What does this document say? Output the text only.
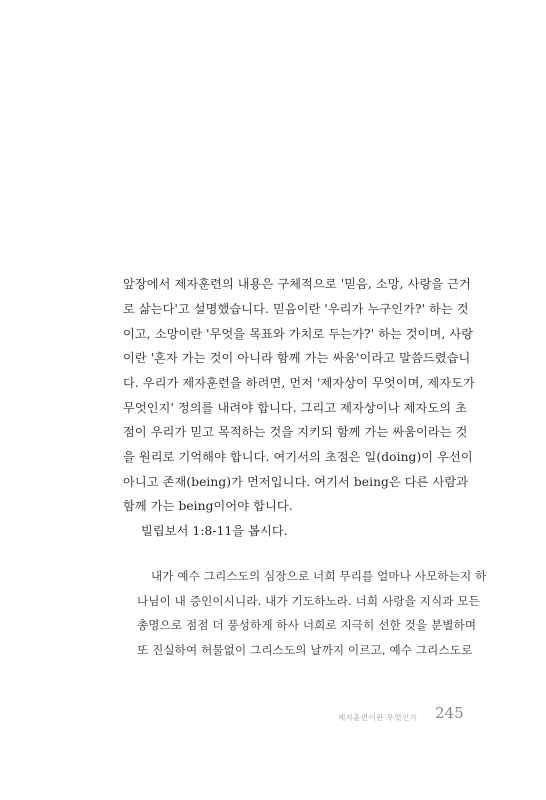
앞장에서 제자훈련의 내용은 구체적으로 '믿음, 소망, 사랑을 근거
로 삶는다'고 설명했습니다. 믿음이란 '우리가 누구인가?' 하는 것
이고, 소망이란 '무엇을 목표와 가치로 두는가?' 하는 것이며, 사랑
이란 '혼자 가는 것이 아니라 함께 가는 싸움'이라고 말씀드렸습니
다. 우리가 제자훈련을 하려면, 먼저 '제자상이 무엇이며, 제자도가
무엇인지' 정의를 내려야 합니다. 그리고 제자상이나 제자도의 초
점이 우리가 믿고 목적하는 것을 지키되 함께 가는 싸움이라는 것
을 원리로 기억해야 합니다. 여기서의 초점은 일(doing)이 우선이
아니고 존재(being)가 먼저입니다. 여기서 being은 다른 사람과
함께 가는 being이어야 합니다.
빌립보서 1:8-11을 봅시다.
내가 예수 그리스도의 심장으로 너희 무리를 얼마나 사모하는지 하
나님이 내 증인이시니라. 내가 기도하노라. 너희 사랑을 지식과 모든
총명으로 점점 더 풍성하게 하사 너희로 지극히 선한 것을 분별하며
또 진실하여 허물없이 그리스도의 날까지 이르고, 예수 그리스도로
제자훈련이란 무엇인가 245
